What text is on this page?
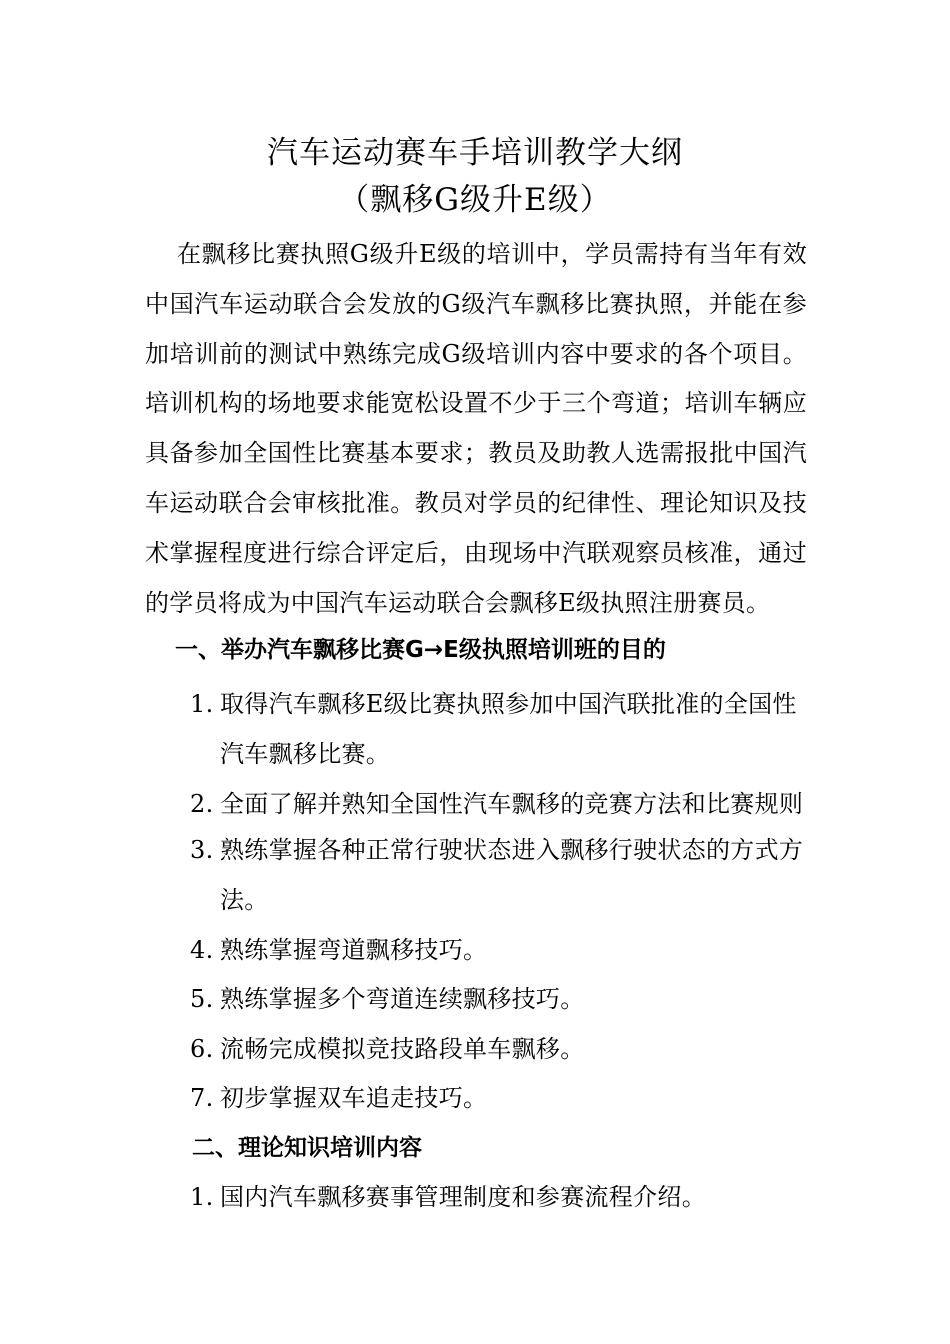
汽车运动赛车手培训教学大纲
（飘移G级升E级）

在飘移比赛执照G级升E级的培训中，学员需持有当年有效中国汽车运动联合会发放的G级汽车飘移比赛执照，并能在参加培训前的测试中熟练完成G级培训内容中要求的各个项目。培训机构的场地要求能宽松设置不少于三个弯道；培训车辆应具备参加全国性比赛基本要求；教员及助教人选需报批中国汽车运动联合会审核批准。教员对学员的纪律性、理论知识及技术掌握程度进行综合评定后，由现场中汽联观察员核准，通过的学员将成为中国汽车运动联合会飘移E级执照注册赛员。

一、举办汽车飘移比赛G→E级执照培训班的目的
1. 取得汽车飘移E级比赛执照参加中国汽联批准的全国性汽车飘移比赛。
2. 全面了解并熟知全国性汽车飘移的竞赛方法和比赛规则
3. 熟练掌握各种正常行驶状态进入飘移行驶状态的方式方法。
4. 熟练掌握弯道飘移技巧。
5. 熟练掌握多个弯道连续飘移技巧。
6. 流畅完成模拟竞技路段单车飘移。
7. 初步掌握双车追走技巧。
二、理论知识培训内容
1. 国内汽车飘移赛事管理制度和参赛流程介绍。
